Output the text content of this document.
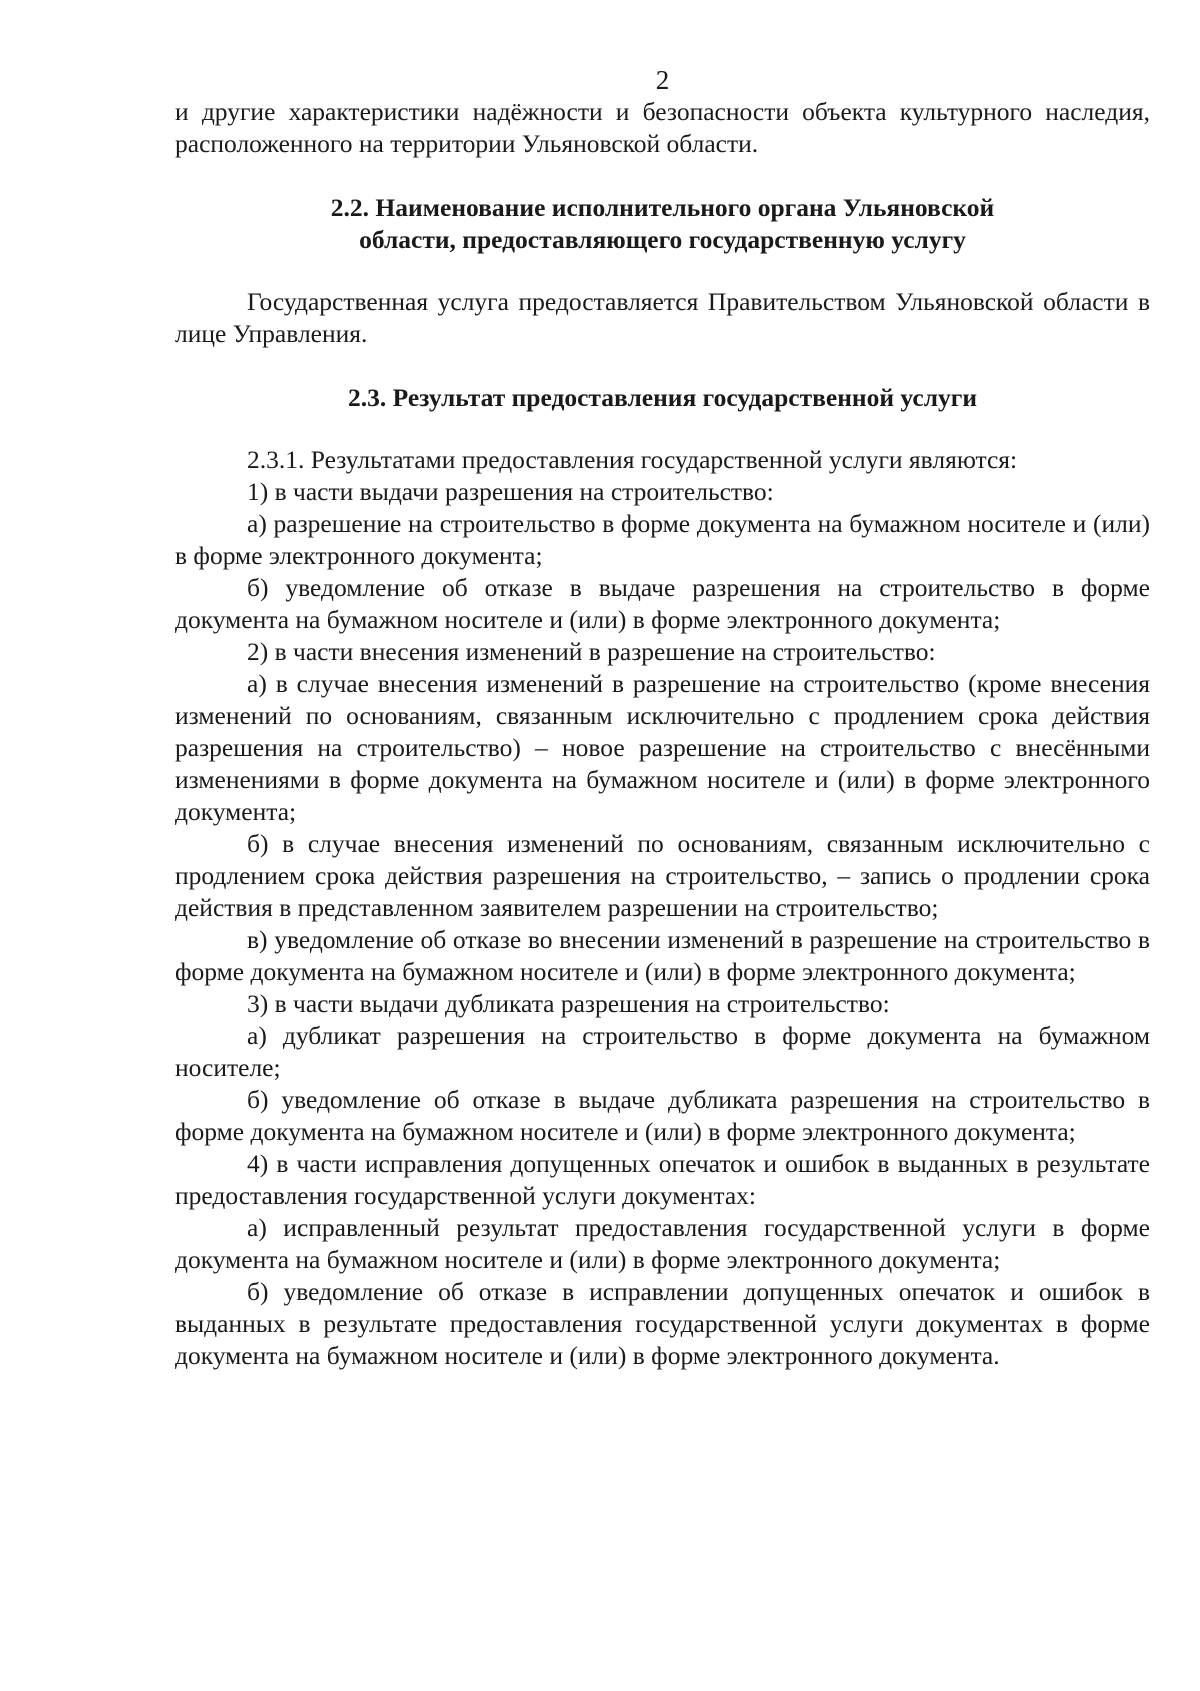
2

и другие характеристики надёжности и безопасности объекта культурного наследия, расположенного на территории Ульяновской области.

2.2. Наименование исполнительного органа Ульяновской
области, предоставляющего государственную услугу

Государственная услуга предоставляется Правительством Ульяновской области в лице Управления.

2.3. Результат предоставления государственной услуги

2.3.1. Результатами предоставления государственной услуги являются:

1) в части выдачи разрешения на строительство:

а) разрешение на строительство в форме документа на бумажном носителе и (или) в форме электронного документа;

б) уведомление об отказе в выдаче разрешения на строительство в форме документа на бумажном носителе и (или) в форме электронного документа;

2) в части внесения изменений в разрешение на строительство:

а) в случае внесения изменений в разрешение на строительство (кроме внесения изменений по основаниям, связанным исключительно с продлением срока действия разрешения на строительство) – новое разрешение на строительство с внесёнными изменениями в форме документа на бумажном носителе и (или) в форме электронного документа;

б) в случае внесения изменений по основаниям, связанным исключительно с продлением срока действия разрешения на строительство, – запись о продлении срока действия в представленном заявителем разрешении на строительство;

в) уведомление об отказе во внесении изменений в разрешение на строительство в форме документа на бумажном носителе и (или) в форме электронного документа;

3) в части выдачи дубликата разрешения на строительство:

а) дубликат разрешения на строительство в форме документа на бумажном носителе;

б) уведомление об отказе в выдаче дубликата разрешения на строительство в форме документа на бумажном носителе и (или) в форме электронного документа;

4) в части исправления допущенных опечаток и ошибок в выданных в результате предоставления государственной услуги документах:

а) исправленный результат предоставления государственной услуги в форме документа на бумажном носителе и (или) в форме электронного документа;

б) уведомление об отказе в исправлении допущенных опечаток и ошибок в выданных в результате предоставления государственной услуги документах в форме документа на бумажном носителе и (или) в форме электронного документа.
